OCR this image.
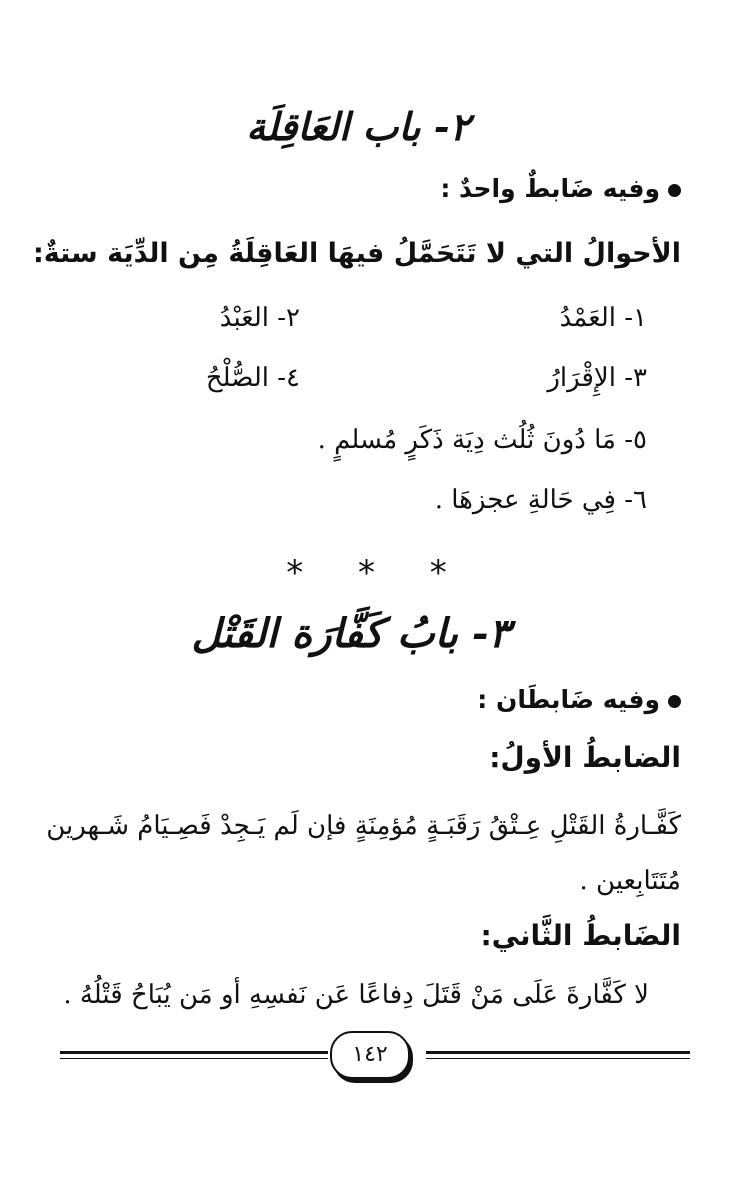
٢- باب العَاقِلَة
وفيه ضَابطٌ واحدٌ :
الأحوالُ التي لا تَتَحَمَّلُ فيهَا العَاقِلَةُ مِن الدِّيَة ستةٌ:
١- العَمْدُ
٢- العَبْدُ
٣- الإِقْرَارُ
٤- الصُّلْحُ
٥- مَا دُونَ ثُلُث دِيَة ذَكَرٍ مُسلمٍ .
٦- فِي حَالةِ عجزهَا .
* * *
٣- بابُ كَفَّارَة القَتْل
وفيه ضَابطَان :
الضابطُ الأولُ:
كَفَّـارةُ القَتْلِ عِـتْقُ رَقَبَـةٍ مُؤمِنَةٍ فإن لَم يَـجِدْ فَصِـيَامُ شَـهرين
مُتَتَابِعين .
الضَابطُ الثَّاني:
لا كَفَّارةَ عَلَى مَنْ قَتَلَ دِفاعًا عَن نَفسِهِ أو مَن يُبَاحُ قَتْلُهُ .
١٤٢
